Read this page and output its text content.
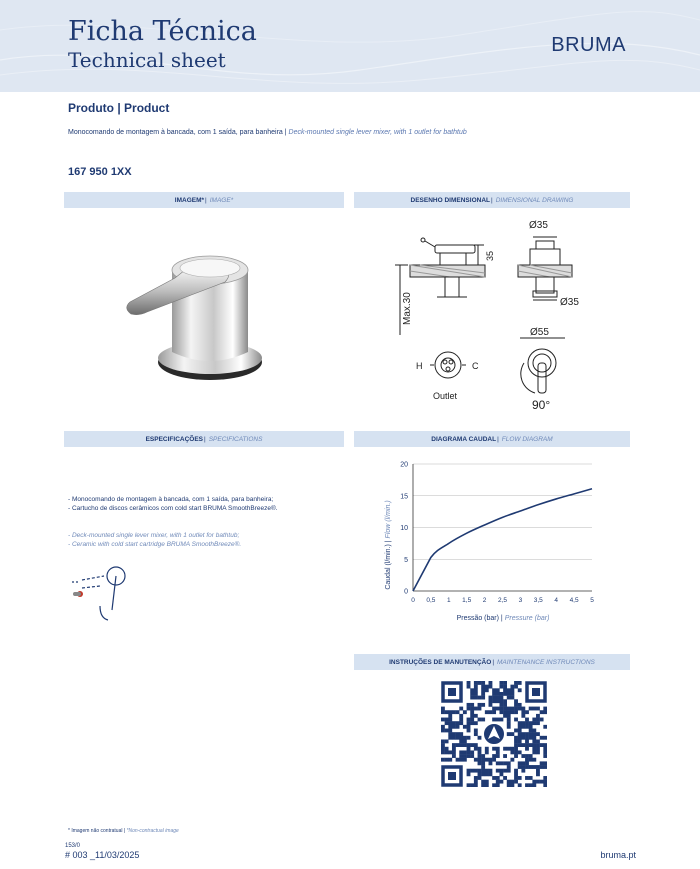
Ficha Técnica
Technical sheet
BRUMA
Produto | Product
Monocomando de montagem à bancada, com 1 saída, para banheira | Deck-mounted single lever mixer, with 1 outlet for bathtub
167 950 1XX
IMAGEM* | IMAGE*	DESENHO DIMENSIONAL | DIMENSIONAL DRAWING
ESPECIFICAÇÕES | SPECIFICATIONS	DIAGRAMA CAUDAL | FLOW DIAGRAM
INSTRUÇÕES DE MANUTENÇÃO | MAINTENANCE INSTRUCTIONS
Ø35
35
Max.30	Ø35
Ø55
H	C
Outlet
90°
- Monocomando de montagem à bancada, com 1 saída, para banheira;
- Cartucho de discos cerâmicos com cold start BRUMA SmoothBreeze®.
- Deck-mounted single lever mixer, with 1 outlet for bathtub;
- Ceramic with cold start cartridge BRUMA SmoothBreeze®.
0
5
10
15
20
0 0,5 1 1,5 2 2,5 3 3,5 4 4,5 5
Caudal (l/min.) | Flow (l/min.)
Pressão (bar) | Pressure (bar)
* Imagem não contratual | *Non-contractual image
153/0
# 003 _11/03/2025	bruma.pt
